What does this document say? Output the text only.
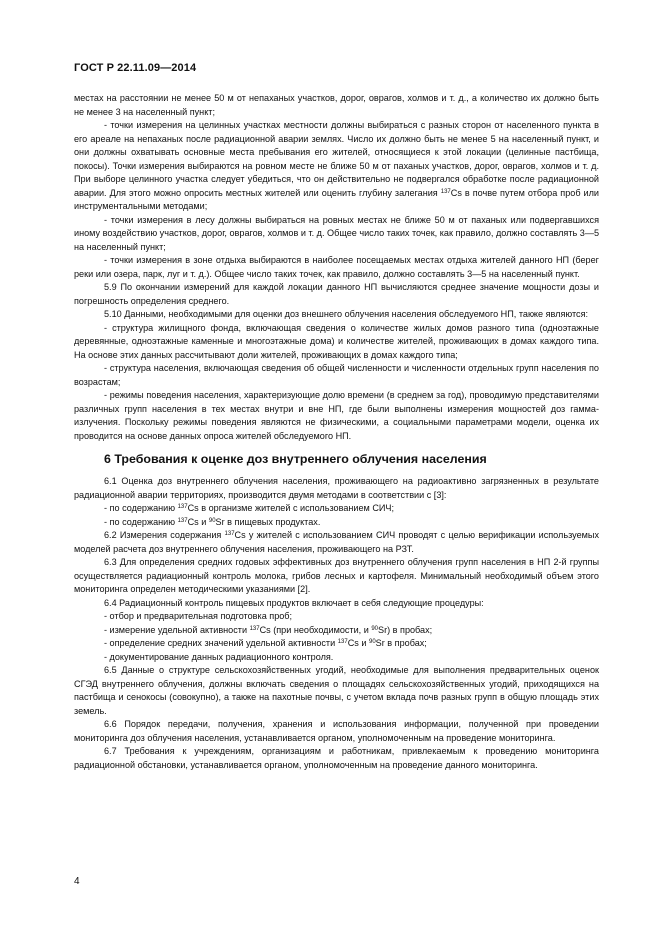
ГОСТ Р 22.11.09—2014

местах на расстоянии не менее 50 м от непаханых участков, дорог, оврагов, холмов и т. д., а количество их должно быть не менее 3 на населенный пункт;

- точки измерения на целинных участках местности должны выбираться с разных сторон от населенного пункта в его ареале на непаханых после радиационной аварии землях. Число их должно быть не менее 5 на населенный пункт, и они должны охватывать основные места пребывания его жителей, относящиеся к этой локации (целинные пастбища, покосы). Точки измерения выбираются на ровном месте не ближе 50 м от паханых участков, дорог, оврагов, холмов и т. д. При выборе целинного участка следует убедиться, что он действительно не подвергался обработке после радиационной аварии. Для этого можно опросить местных жителей или оценить глубину залегания $^{137}$Cs в почве путем отбора проб или инструментальными методами;

- точки измерения в лесу должны выбираться на ровных местах не ближе 50 м от паханых или подвергавшихся иному воздействию участков, дорог, оврагов, холмов и т. д. Общее число таких точек, как правило, должно составлять 3—5 на населенный пункт;

- точки измерения в зоне отдыха выбираются в наиболее посещаемых местах отдыха жителей данного НП (берег реки или озера, парк, луг и т. д.). Общее число таких точек, как правило, должно составлять 3—5 на населенный пункт.

5.9 По окончании измерений для каждой локации данного НП вычисляются среднее значение мощности дозы и погрешность определения среднего.

5.10 Данными, необходимыми для оценки доз внешнего облучения населения обследуемого НП, также являются:

- структура жилищного фонда, включающая сведения о количестве жилых домов разного типа (одноэтажные деревянные, одноэтажные каменные и многоэтажные дома) и количестве жителей, проживающих в домах каждого типа. На основе этих данных рассчитывают доли жителей, проживающих в домах каждого типа;

- структура населения, включающая сведения об общей численности и численности отдельных групп населения по возрастам;

- режимы поведения населения, характеризующие долю времени (в среднем за год), проводимую представителями различных групп населения в тех местах внутри и вне НП, где были выполнены измерения мощностей доз гамма-излучения. Поскольку режимы поведения являются не физическими, а социальными параметрами модели, оценка их проводится на основе данных опроса жителей обследуемого НП.

6 Требования к оценке доз внутреннего облучения населения

6.1 Оценка доз внутреннего облучения населения, проживающего на радиоактивно загрязненных в результате радиационной аварии территориях, производится двумя методами в соответствии с [3]:

- по содержанию $^{137}$Cs в организме жителей с использованием СИЧ;

- по содержанию $^{137}$Cs и $^{90}$Sr в пищевых продуктах.

6.2 Измерения содержания $^{137}$Cs у жителей с использованием СИЧ проводят с целью верификации используемых моделей расчета доз внутреннего облучения населения, проживающего на РЗТ.

6.3 Для определения средних годовых эффективных доз внутреннего облучения групп населения в НП 2-й группы осуществляется радиационный контроль молока, грибов лесных и картофеля. Минимальный необходимый объем этого мониторинга определен методическими указаниями [2].

6.4 Радиационный контроль пищевых продуктов включает в себя следующие процедуры:

- отбор и предварительная подготовка проб;

- измерение удельной активности $^{137}$Cs (при необходимости, и $^{90}$Sr) в пробах;

- определение средних значений удельной активности $^{137}$Cs и $^{90}$Sr в пробах;

- документирование данных радиационного контроля.

6.5 Данные о структуре сельскохозяйственных угодий, необходимые для выполнения предварительных оценок СГЭД внутреннего облучения, должны включать сведения о площадях сельскохозяйственных угодий, приходящихся на пастбища и сенокосы (совокупно), а также на пахотные почвы, с учетом вклада почв разных групп в общую площадь этих земель.

6.6 Порядок передачи, получения, хранения и использования информации, полученной при проведении мониторинга доз облучения населения, устанавливается органом, уполномоченным на проведение мониторинга.

6.7 Требования к учреждениям, организациям и работникам, привлекаемым к проведению мониторинга радиационной обстановки, устанавливается органом, уполномоченным на проведение данного мониторинга.

4
